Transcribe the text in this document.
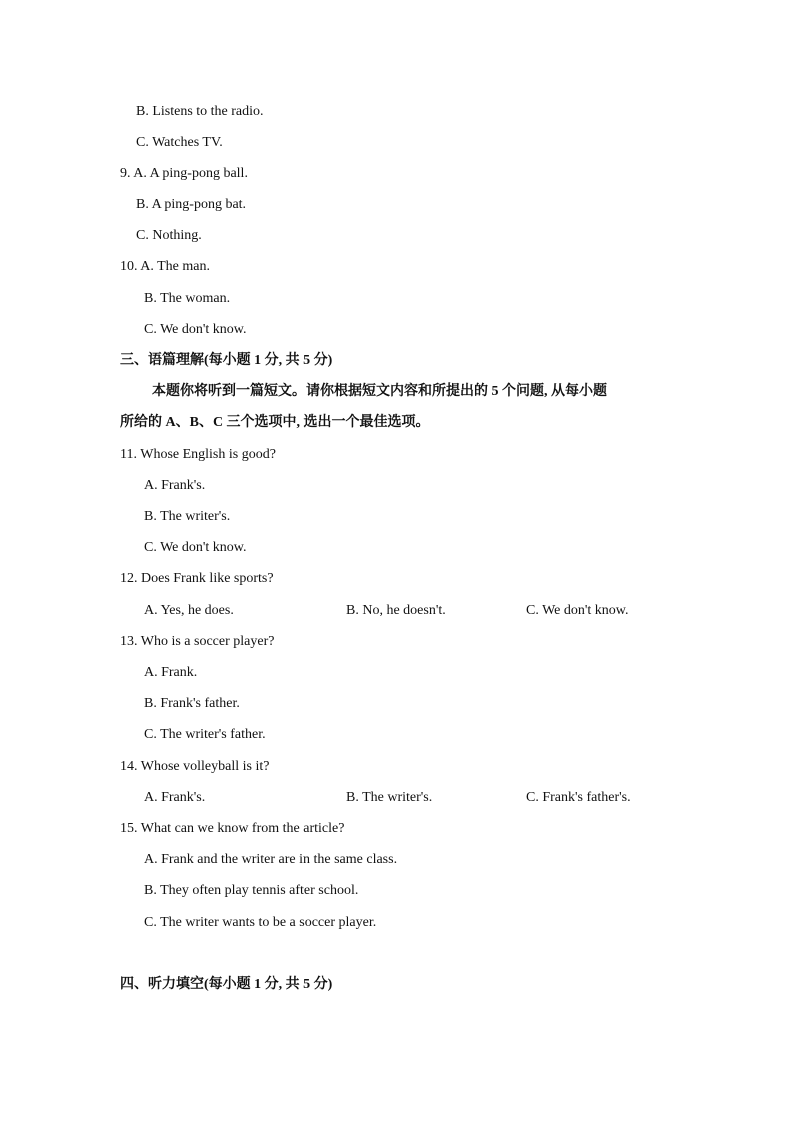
B. Listens to the radio.
C. Watches TV.
9. A. A ping-pong ball.
B. A ping-pong bat.
C. Nothing.
10. A. The man.
B. The woman.
C. We don't know.
三、语篇理解(每小题 1 分, 共 5 分)
本题你将听到一篇短文。请你根据短文内容和所提出的 5 个问题, 从每小题
所给的 A、B、C 三个选项中, 选出一个最佳选项。
11. Whose English is good?
A. Frank's.
B. The writer's.
C. We don't know.
12. Does Frank like sports?
A. Yes, he does.	B. No, he doesn't.	C. We don't know.
13. Who is a soccer player?
A. Frank.
B. Frank's father.
C. The writer's father.
14. Whose volleyball is it?
A. Frank's.	B. The writer's.	C. Frank's father's.
15. What can we know from the article?
A. Frank and the writer are in the same class.
B. They often play tennis after school.
C. The writer wants to be a soccer player.
四、听力填空(每小题 1 分, 共 5 分)
